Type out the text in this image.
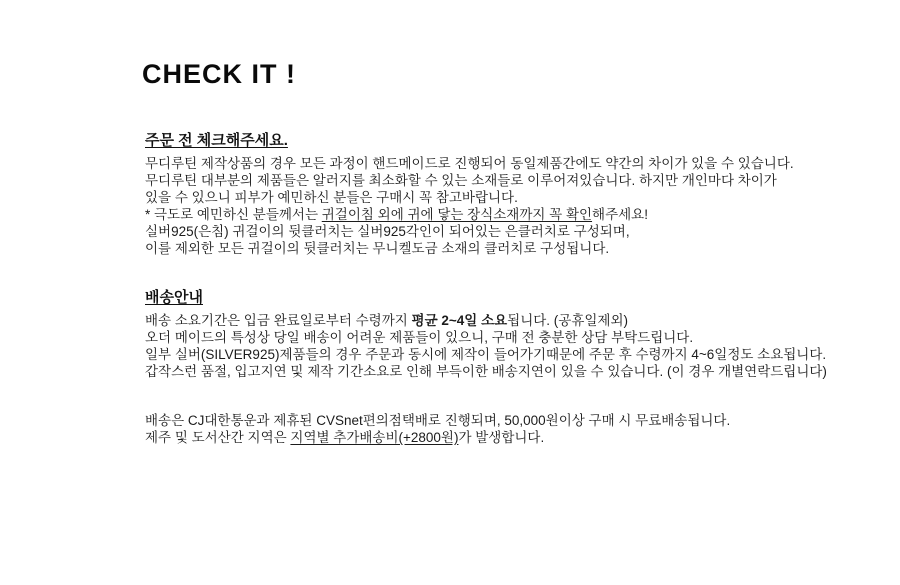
CHECK IT !
주문 전 체크해주세요.
무디루틴 제작상품의 경우 모든 과정이 핸드메이드로 진행되어 동일제품간에도 약간의 차이가 있을 수 있습니다.
무디루틴 대부분의 제품들은 알러지를 최소화할 수 있는 소재들로 이루어져있습니다. 하지만 개인마다 차이가
있을 수 있으니 피부가 예민하신 분들은 구매시 꼭 참고바랍니다.
* 극도로 예민하신 분들께서는 귀걸이침 외에 귀에 닿는 장식소재까지 꼭 확인해주세요!
실버925(은침) 귀걸이의 뒷클러치는 실버925각인이 되어있는 은클러치로 구성되며,
이를 제외한 모든 귀걸이의 뒷클러치는 무니켈도금 소재의 클러치로 구성됩니다.
배송안내
배송 소요기간은 입금 완료일로부터 수령까지 평균 2~4일 소요됩니다. (공휴일제외)
오더 메이드의 특성상 당일 배송이 어려운 제품들이 있으니, 구매 전 충분한 상담 부탁드립니다.
일부 실버(SILVER925)제품들의 경우 주문과 동시에 제작이 들어가기때문에 주문 후 수령까지 4~6일정도 소요됩니다.
갑작스런 품절, 입고지연 및 제작 기간소요로 인해 부득이한 배송지연이 있을 수 있습니다. (이 경우 개별연락드립니다)
배송은 CJ대한통운과 제휴된 CVSnet편의점택배로 진행되며, 50,000원이상 구매 시 무료배송됩니다.
제주 및 도서산간 지역은 지역별 추가배송비(+2800원)가 발생합니다.
